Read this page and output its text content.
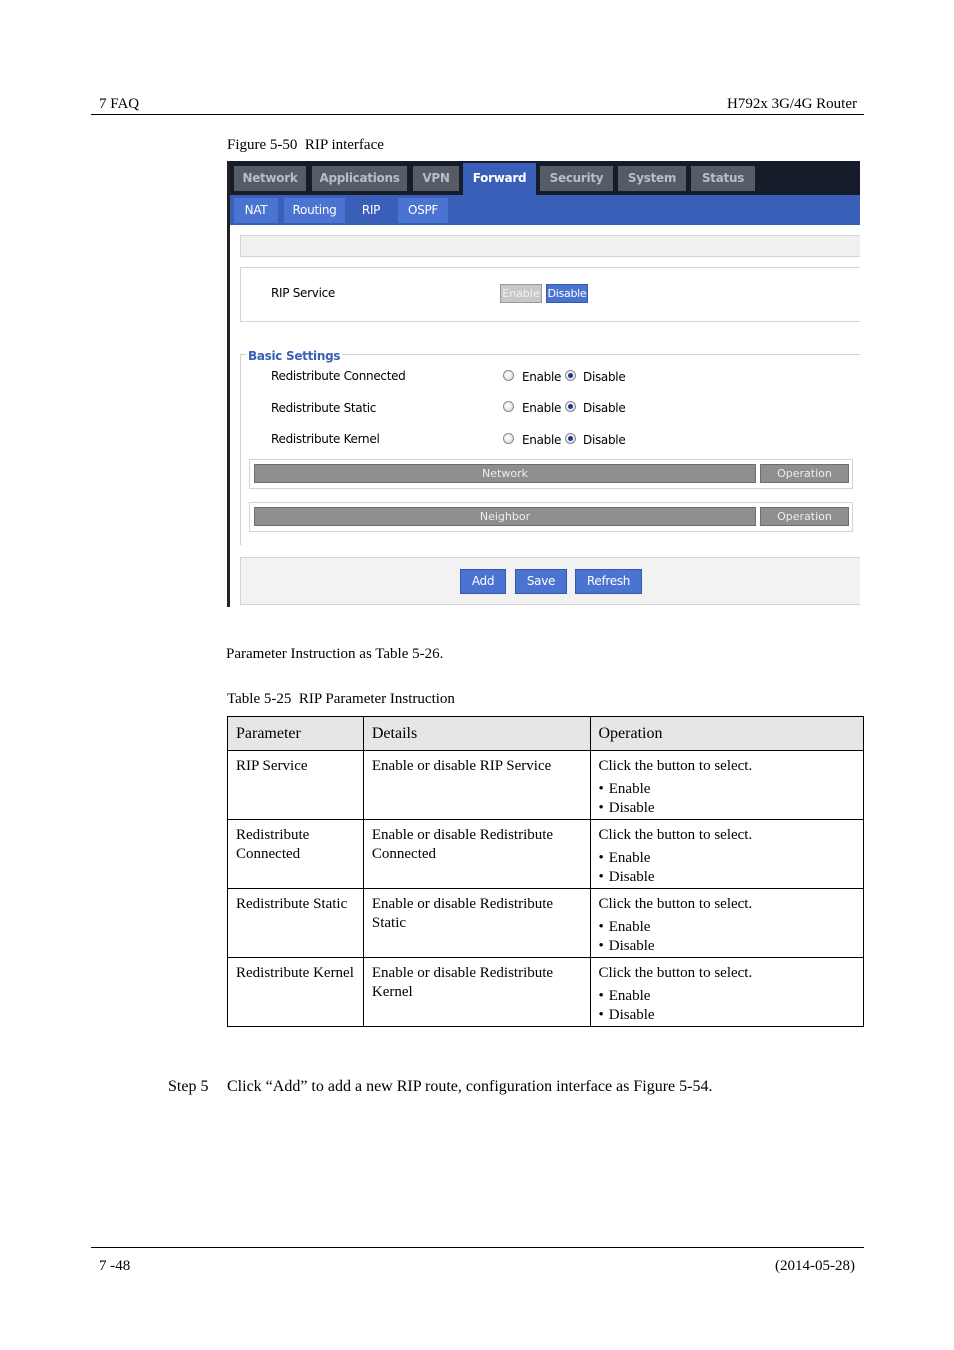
7 FAQ	H792x 3G/4G Router
Figure 5-50  RIP interface
Network	Applications	VPN	Forward	Security	System	Status
NAT	Routing	RIP	OSPF
RIP Service	Enable Disable
Basic Settings
Redistribute Connected	Enable Disable
Redistribute Static	Enable Disable
Redistribute Kernel	Enable Disable
Network	Operation
Neighbor	Operation
Add	Save	Refresh
Parameter Instruction as Table 5-26.
Table 5-25  RIP Parameter Instruction
Parameter	Details	Operation
RIP Service	Enable or disable RIP Service	Click the button to select.
• Enable
• Disable

Redistribute Connected	Enable or disable Redistribute Connected	Click the button to select.
• Enable
• Disable

Redistribute Static	Enable or disable Redistribute Static	Click the button to select.
• Enable
• Disable

Redistribute Kernel	Enable or disable Redistribute Kernel	Click the button to select.
• Enable
• Disable
Step 5 Click “Add” to add a new RIP route, configuration interface as Figure 5-54.
7 -48	(2014-05-28)
